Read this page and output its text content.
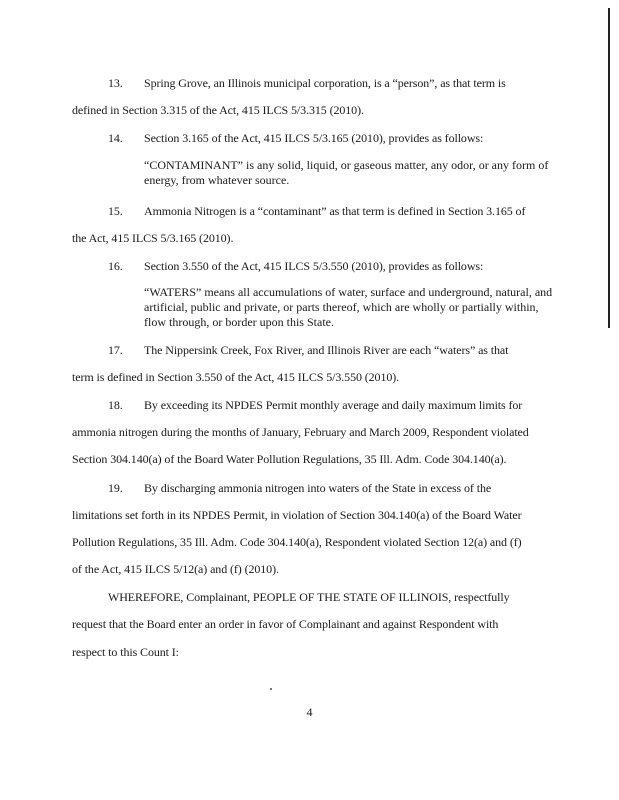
13. Spring Grove, an Illinois municipal corporation, is a “person”, as that term is
defined in Section 3.315 of the Act, 415 ILCS 5/3.315 (2010).
14. Section 3.165 of the Act, 415 ILCS 5/3.165 (2010), provides as follows:
“CONTAMINANT” is any solid, liquid, or gaseous matter, any odor, or any form of energy, from whatever source.
15. Ammonia Nitrogen is a “contaminant” as that term is defined in Section 3.165 of
the Act, 415 ILCS 5/3.165 (2010).
16. Section 3.550 of the Act, 415 ILCS 5/3.550 (2010), provides as follows:
“WATERS” means all accumulations of water, surface and underground, natural, and artificial, public and private, or parts thereof, which are wholly or partially within, flow through, or border upon this State.
17. The Nippersink Creek, Fox River, and Illinois River are each “waters” as that
term is defined in Section 3.550 of the Act, 415 ILCS 5/3.550 (2010).
18. By exceeding its NPDES Permit monthly average and daily maximum limits for
ammonia nitrogen during the months of January, February and March 2009, Respondent violated
Section 304.140(a) of the Board Water Pollution Regulations, 35 Ill. Adm. Code 304.140(a).
19. By discharging ammonia nitrogen into waters of the State in excess of the
limitations set forth in its NPDES Permit, in violation of Section 304.140(a) of the Board Water
Pollution Regulations, 35 Ill. Adm. Code 304.140(a), Respondent violated Section 12(a) and (f)
of the Act, 415 ILCS 5/12(a) and (f) (2010).
WHEREFORE, Complainant, PEOPLE OF THE STATE OF ILLINOIS, respectfully
request that the Board enter an order in favor of Complainant and against Respondent with
respect to this Count I:
4
